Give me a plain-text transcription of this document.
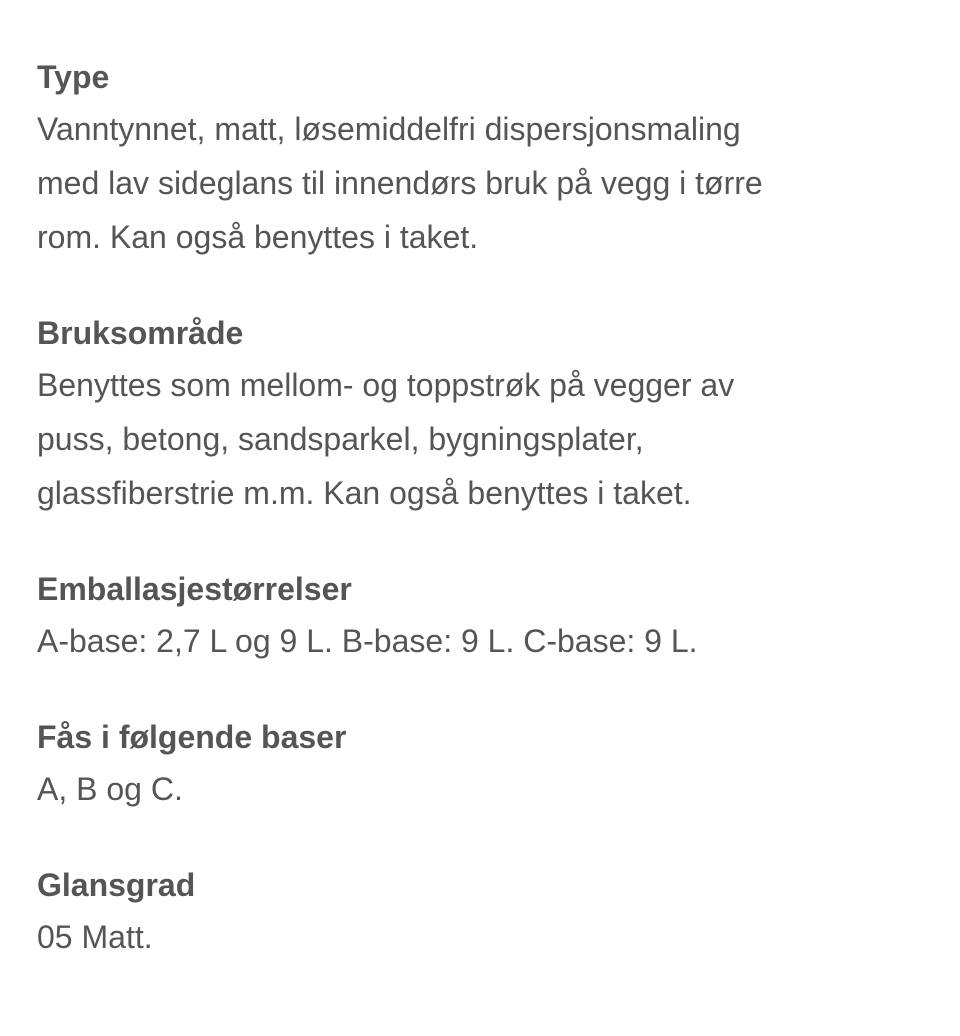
Type
Vanntynnet, matt, løsemiddelfri dispersjonsmaling
med lav sideglans til innendørs bruk på vegg i tørre
rom. Kan også benyttes i taket.
Bruksområde
Benyttes som mellom- og toppstrøk på vegger av
puss, betong, sandsparkel, bygningsplater,
glassfiberstrie m.m. Kan også benyttes i taket.
Emballasjestørrelser
A-base: 2,7 L og 9 L. B-base: 9 L. C-base: 9 L.
Fås i følgende baser
A, B og C.
Glansgrad
05 Matt.
